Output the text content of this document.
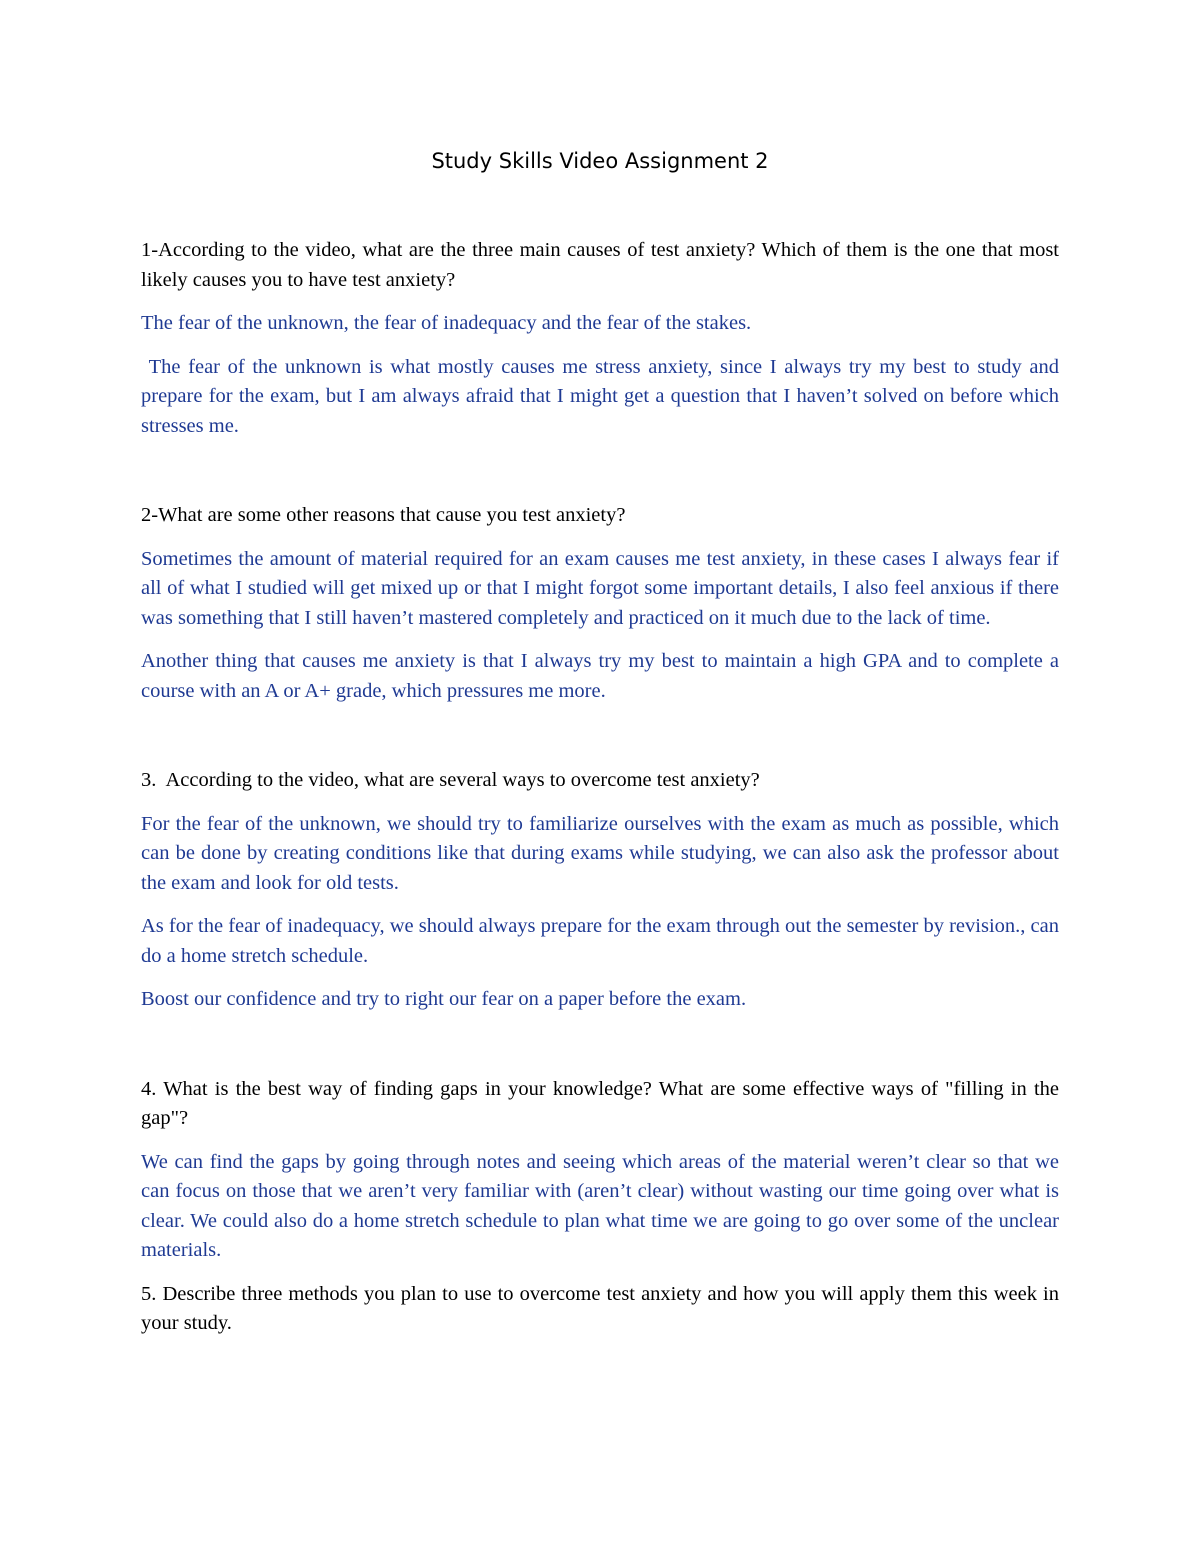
Study Skills Video Assignment 2

1-According to the video, what are the three main causes of test anxiety? Which of them is the one that most likely causes you to have test anxiety?

The fear of the unknown, the fear of inadequacy and the fear of the stakes.

The fear of the unknown is what mostly causes me stress anxiety, since I always try my best to study and prepare for the exam, but I am always afraid that I might get a question that I haven’t solved on before which stresses me.

2-What are some other reasons that cause you test anxiety?

Sometimes the amount of material required for an exam causes me test anxiety, in these cases I always fear if all of what I studied will get mixed up or that I might forgot some important details, I also feel anxious if there was something that I still haven’t mastered completely and practiced on it much due to the lack of time.

Another thing that causes me anxiety is that I always try my best to maintain a high GPA and to complete a course with an A or A+ grade, which pressures me more.

3.  According to the video, what are several ways to overcome test anxiety?

For the fear of the unknown, we should try to familiarize ourselves with the exam as much as possible, which can be done by creating conditions like that during exams while studying, we can also ask the professor about the exam and look for old tests.

As for the fear of inadequacy, we should always prepare for the exam through out the semester by revision., can do a home stretch schedule.

Boost our confidence and try to right our fear on a paper before the exam.

4. What is the best way of finding gaps in your knowledge? What are some effective ways of "filling in the gap"?

We can find the gaps by going through notes and seeing which areas of the material weren’t clear so that we can focus on those that we aren’t very familiar with (aren’t clear) without wasting our time going over what is clear. We could also do a home stretch schedule to plan what time we are going to go over some of the unclear materials.

5. Describe three methods you plan to use to overcome test anxiety and how you will apply them this week in your study.
